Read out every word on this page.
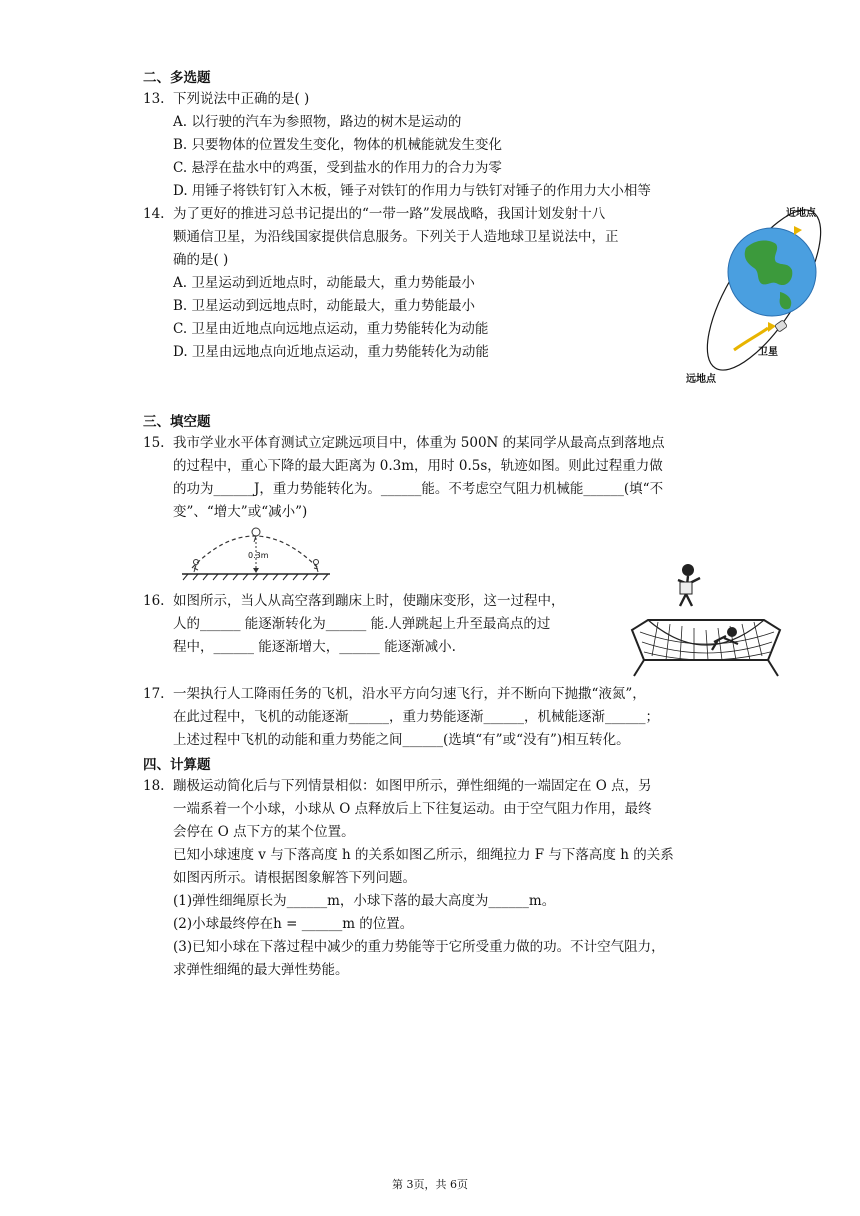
二、多选题
13. 下列说法中正确的是( )
A. 以行驶的汽车为参照物，路边的树木是运动的
B. 只要物体的位置发生变化，物体的机械能就发生变化
C. 悬浮在盐水中的鸡蛋，受到盐水的作用力的合力为零
D. 用锤子将铁钉钉入木板，锤子对铁钉的作用力与铁钉对锤子的作用力大小相等
14. 为了更好的推进习总书记提出的“一带一路”发展战略，我国计划发射十八
颗通信卫星，为沿线国家提供信息服务。下列关于人造地球卫星说法中，正
确的是( )
A. 卫星运动到近地点时，动能最大，重力势能最小
B. 卫星运动到远地点时，动能最大，重力势能最小
C. 卫星由近地点向远地点运动，重力势能转化为动能
D. 卫星由远地点向近地点运动，重力势能转化为动能
近地点
卫星
远地点
三、填空题
15. 我市学业水平体育测试立定跳远项目中，体重为 500N 的某同学从最高点到落地点
的过程中，重心下降的最大距离为 0.3m，用时 0.5s，轨迹如图。则此过程重力做
的功为______J，重力势能转化为。______能。不考虑空气阻力机械能______(填“不
变”、“增大”或“减小”)
0.3m
16. 如图所示，当人从高空落到蹦床上时，使蹦床变形，这一过程中，
人的______ 能逐渐转化为______ 能.人弹跳起上升至最高点的过
程中，______ 能逐渐增大，______ 能逐渐减小.
17. 一架执行人工降雨任务的飞机，沿水平方向匀速飞行，并不断向下抛撒“液氮”，
在此过程中，飞机的动能逐渐______，重力势能逐渐______，机械能逐渐______；
上述过程中飞机的动能和重力势能之间______(选填“有”或“没有”)相互转化。
四、计算题
18. 蹦极运动简化后与下列情景相似：如图甲所示，弹性细绳的一端固定在 O 点，另
一端系着一个小球，小球从 O 点释放后上下往复运动。由于空气阻力作用，最终
会停在 O 点下方的某个位置。
已知小球速度 v 与下落高度 h 的关系如图乙所示，细绳拉力 F 与下落高度 h 的关系
如图丙所示。请根据图象解答下列问题。
(1)弹性细绳原长为______m，小球下落的最大高度为______m。
(2)小球最终停在h = ______m 的位置。
(3)已知小球在下落过程中减少的重力势能等于它所受重力做的功。不计空气阻力，
求弹性细绳的最大弹性势能。
第 3页，共 6页
